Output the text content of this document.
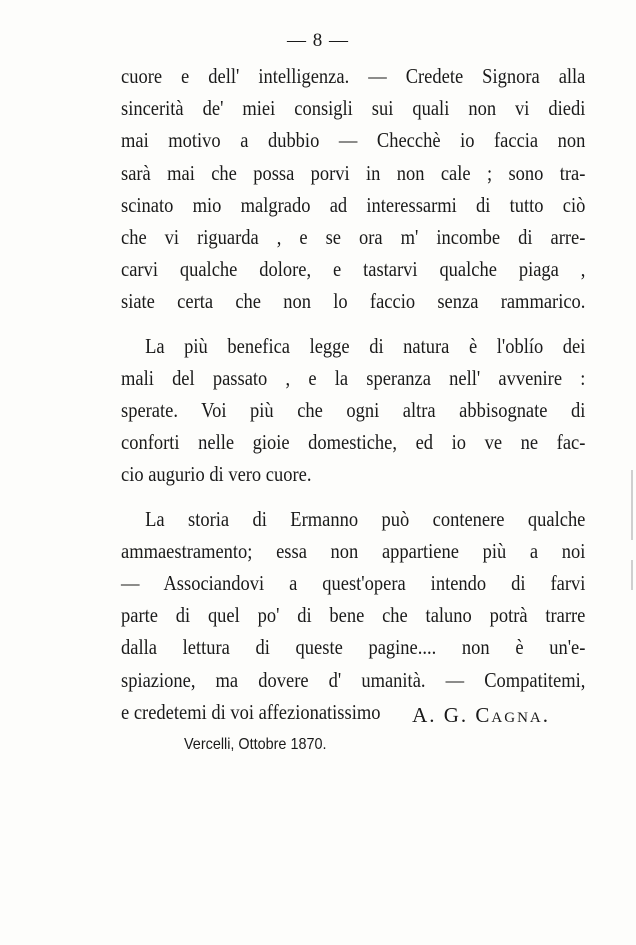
— 8 —
cuore e dell' intelligenza. — Credete Signora alla
sincerità de' miei consigli sui quali non vi diedi
mai motivo a dubbio — Checchè io faccia non
sarà mai che possa porvi in non cale ; sono tra-
scinato mio malgrado ad interessarmi di tutto ciò
che vi riguarda , e se ora m' incombe di arre-
carvi qualche dolore, e tastarvi qualche piaga ,
siate certa che non lo faccio senza rammarico.
La più benefica legge di natura è l'oblío dei
mali del passato , e la speranza nell' avvenire :
sperate. Voi più che ogni altra abbisognate di
conforti nelle gioie domestiche, ed io ve ne fac-
cio augurio di vero cuore.
La storia di Ermanno può contenere qualche
ammaestramento; essa non appartiene più a noi
— Associandovi a quest'opera intendo di farvi
parte di quel po' di bene che taluno potrà trarre
dalla lettura di queste pagine.... non è un'e-
spiazione, ma dovere d' umanità. — Compatitemi,
e credetemi di voi affezionatissimo	A. G. Cagna.
Vercelli, Ottobre 1870.
